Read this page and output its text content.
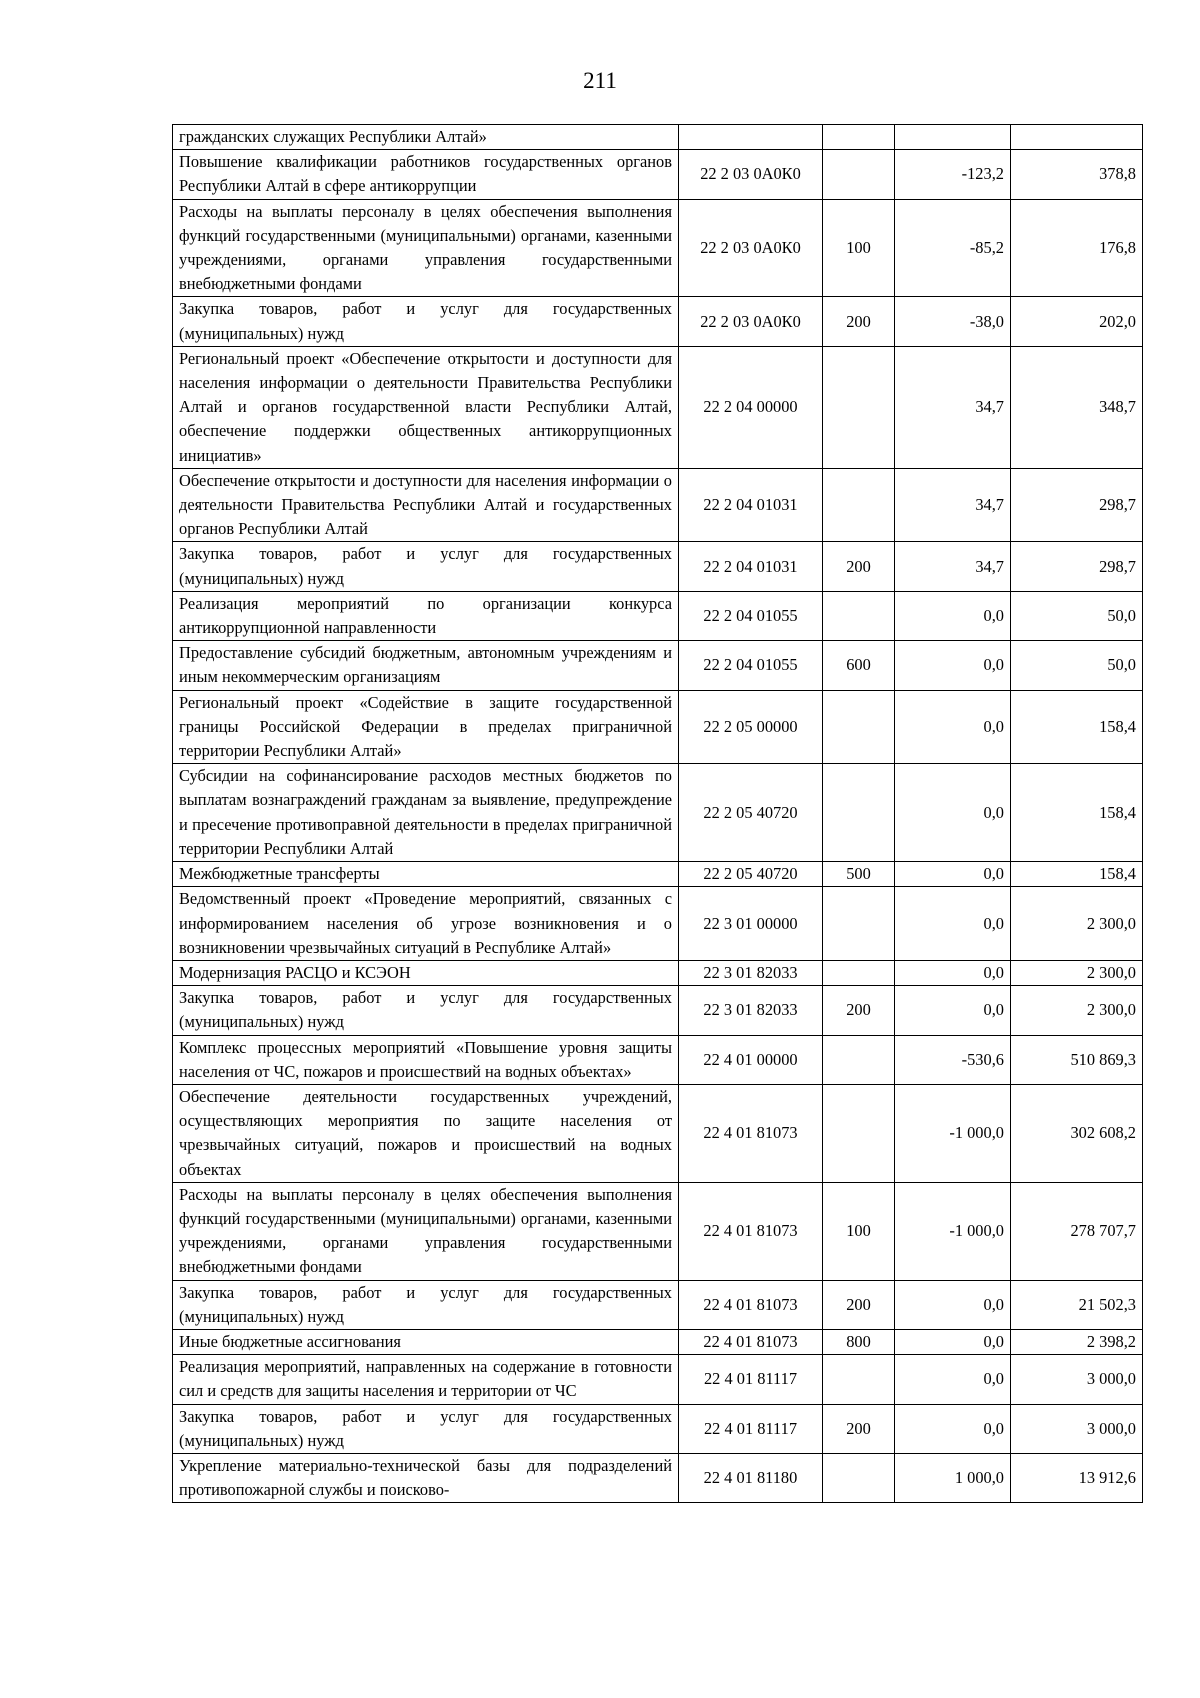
211
гражданских служащих Республики Алтай»				
Повышение квалификации работников государственных органов Республики Алтай в сфере антикоррупции	22 2 03 0А0К0		-123,2	378,8
Расходы на выплаты персоналу в целях обеспечения выполнения функций государственными (муниципальными) органами, казенными учреждениями, органами управления государственными внебюджетными фондами	22 2 03 0А0К0	100	-85,2	176,8
Закупка товаров, работ и услуг для государственных (муниципальных) нужд	22 2 03 0А0К0	200	-38,0	202,0
Региональный проект «Обеспечение открытости и доступности для населения информации о деятельности Правительства Республики Алтай и органов государственной власти Республики Алтай, обеспечение поддержки общественных антикоррупционных инициатив»	22 2 04 00000		34,7	348,7
Обеспечение открытости и доступности для населения информации о деятельности Правительства Республики Алтай и государственных органов Республики Алтай	22 2 04 01031		34,7	298,7
Закупка товаров, работ и услуг для государственных (муниципальных) нужд	22 2 04 01031	200	34,7	298,7
Реализация мероприятий по организации конкурса антикоррупционной направленности	22 2 04 01055		0,0	50,0
Предоставление субсидий бюджетным, автономным учреждениям и иным некоммерческим организациям	22 2 04 01055	600	0,0	50,0
Региональный проект «Содействие в защите государственной границы Российской Федерации в пределах приграничной территории Республики Алтай»	22 2 05 00000		0,0	158,4
Субсидии на софинансирование расходов местных бюджетов по выплатам вознаграждений гражданам за выявление, предупреждение и пресечение противоправной деятельности в пределах приграничной территории Республики Алтай	22 2 05 40720		0,0	158,4
Межбюджетные трансферты	22 2 05 40720	500	0,0	158,4
Ведомственный проект «Проведение мероприятий, связанных с информированием населения об угрозе возникновения и о возникновении чрезвычайных ситуаций в Республике Алтай»	22 3 01 00000		0,0	2 300,0
Модернизация РАСЦО и КСЭОН	22 3 01 82033		0,0	2 300,0
Закупка товаров, работ и услуг для государственных (муниципальных) нужд	22 3 01 82033	200	0,0	2 300,0
Комплекс процессных мероприятий «Повышение уровня защиты населения от ЧС, пожаров и происшествий на водных объектах»	22 4 01 00000		-530,6	510 869,3
Обеспечение деятельности государственных учреждений, осуществляющих мероприятия по защите населения от чрезвычайных ситуаций, пожаров и происшествий на водных объектах	22 4 01 81073		-1 000,0	302 608,2
Расходы на выплаты персоналу в целях обеспечения выполнения функций государственными (муниципальными) органами, казенными учреждениями, органами управления государственными внебюджетными фондами	22 4 01 81073	100	-1 000,0	278 707,7
Закупка товаров, работ и услуг для государственных (муниципальных) нужд	22 4 01 81073	200	0,0	21 502,3
Иные бюджетные ассигнования	22 4 01 81073	800	0,0	2 398,2
Реализация мероприятий, направленных на содержание в готовности сил и средств для защиты населения и территории от ЧС	22 4 01 81117		0,0	3 000,0
Закупка товаров, работ и услуг для государственных (муниципальных) нужд	22 4 01 81117	200	0,0	3 000,0
Укрепление материально-технической базы для подразделений противопожарной службы и поисково-	22 4 01 81180		1 000,0	13 912,6
